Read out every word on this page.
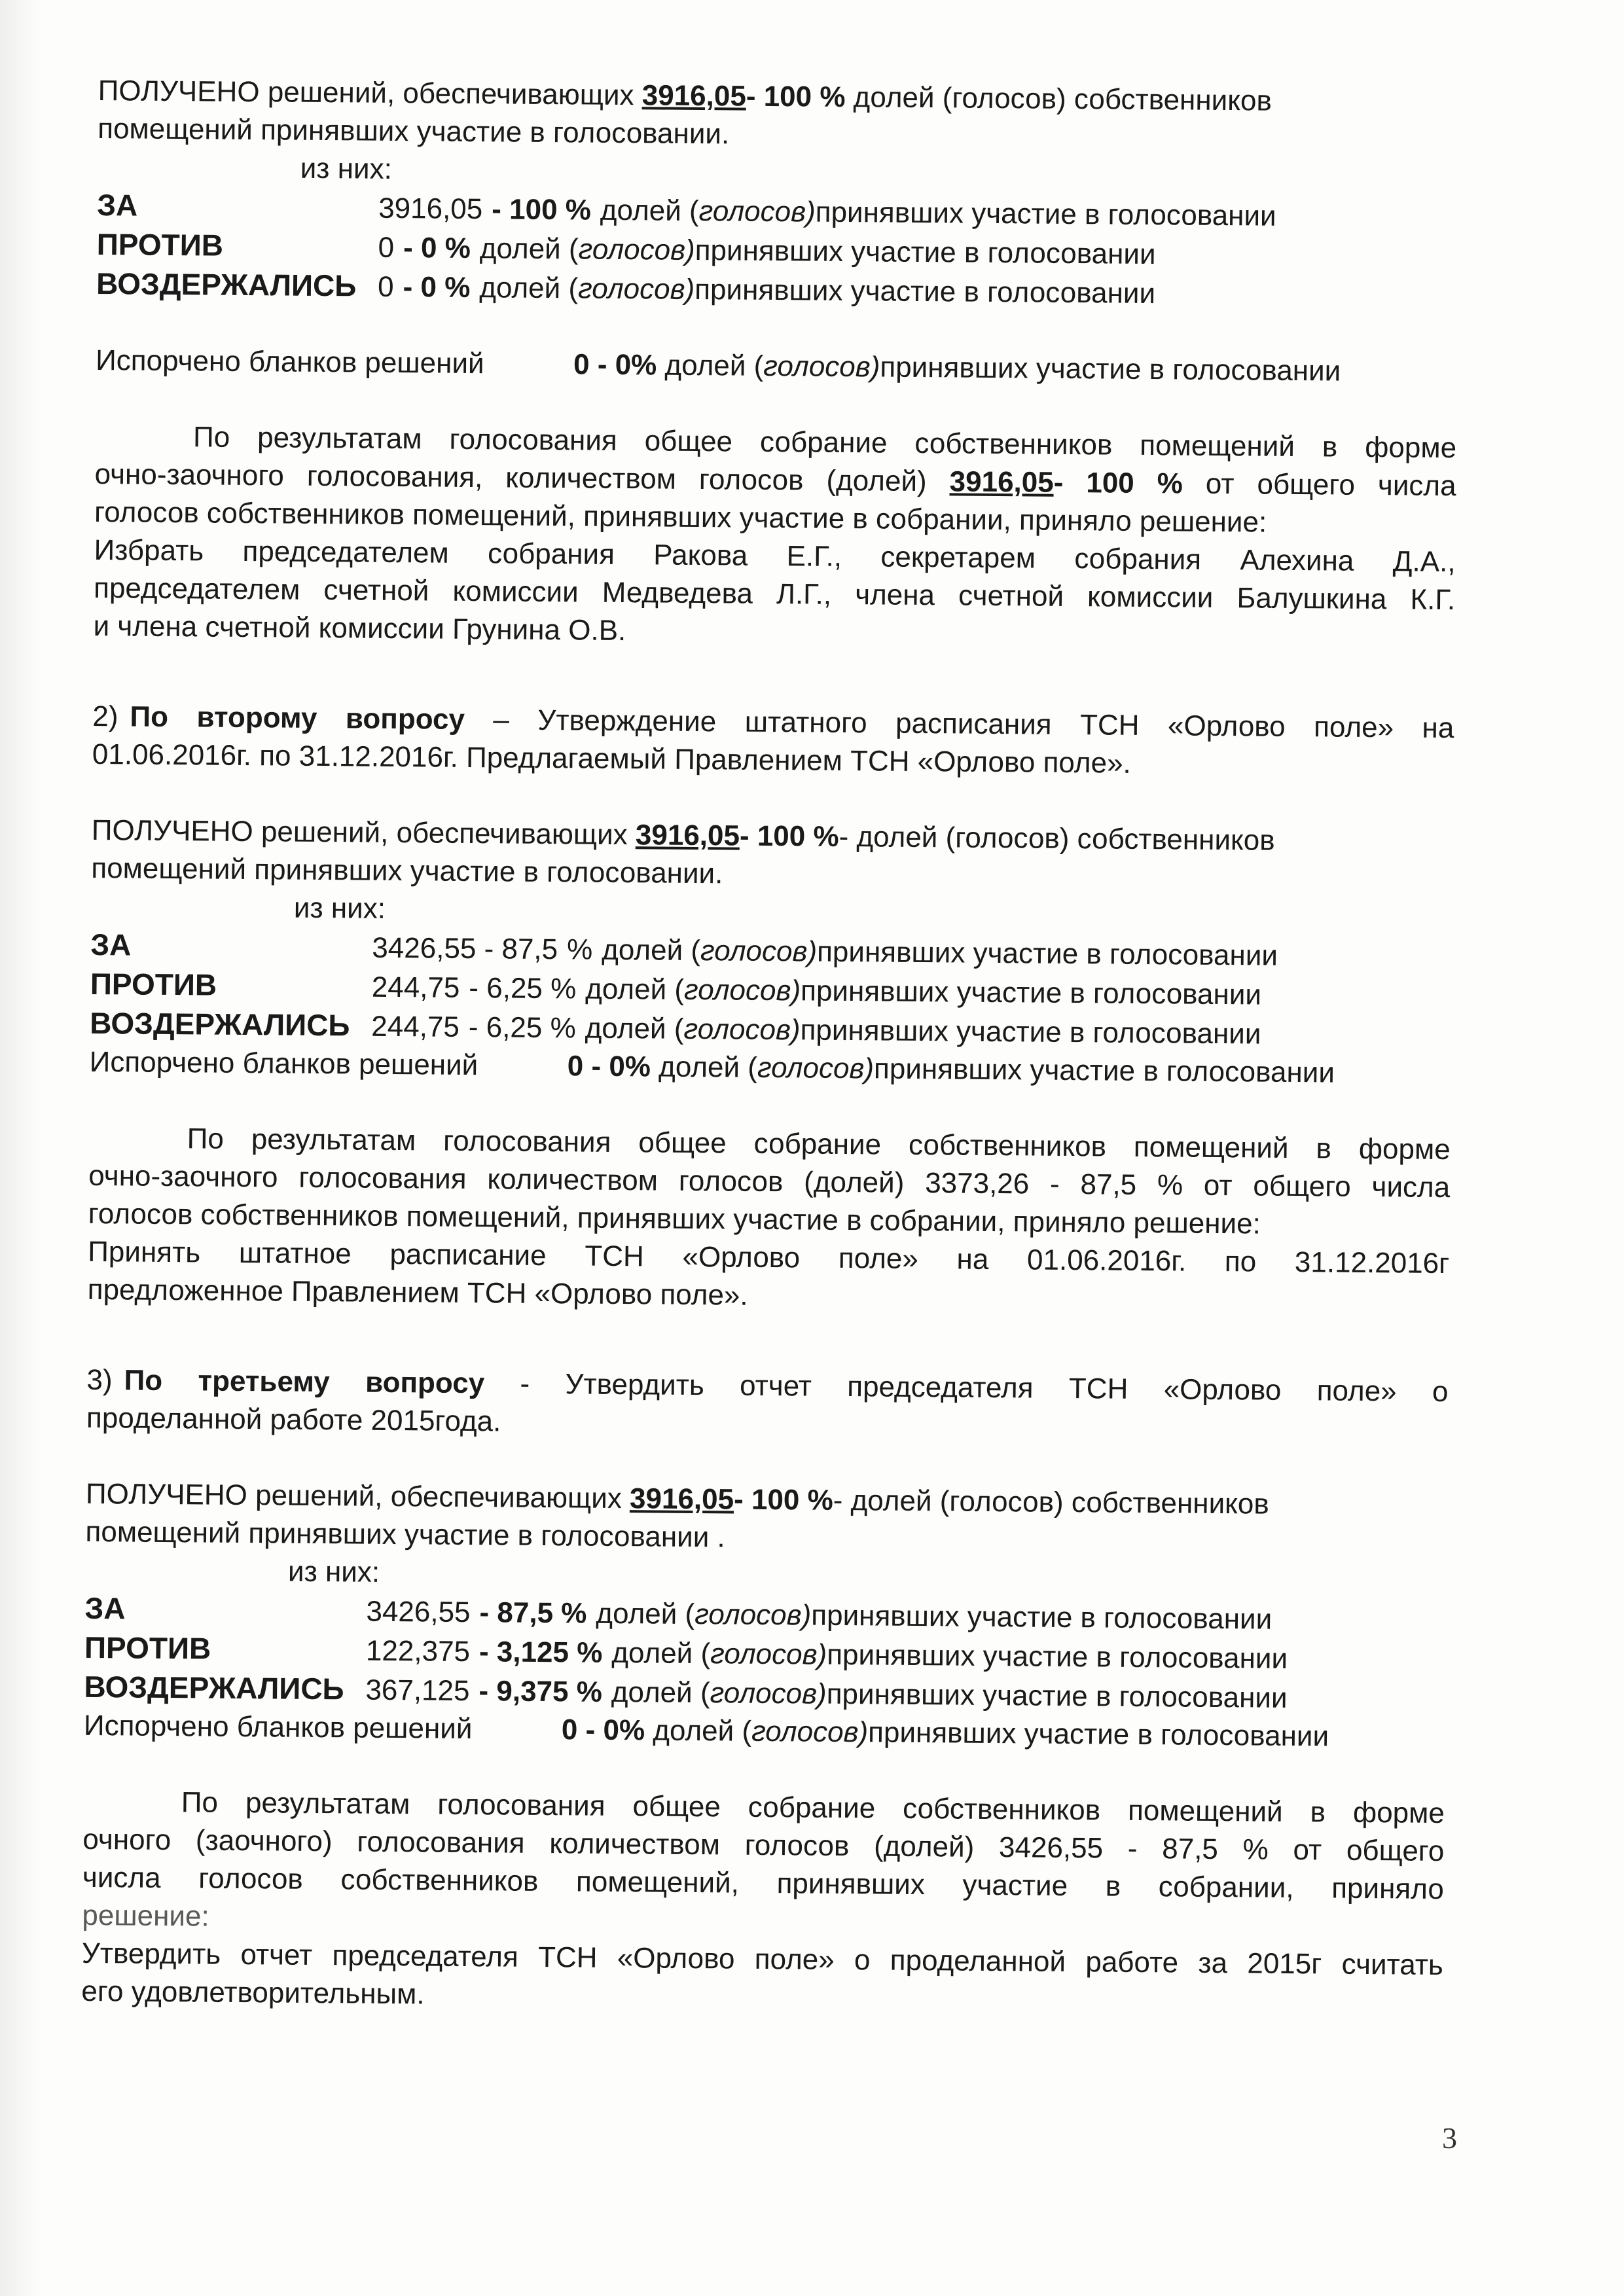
ПОЛУЧЕНО решений, обеспечивающих 3916,05- 100 % долей (голосов) собственников

помещений принявших участие в голосовании.

из них:

ЗА	3916,05 - 100 % долей ( голосов) принявших участие в голосовании
ПРОТИВ	0 - 0 % долей ( голосов) принявших участие в голосовании
ВОЗДЕРЖАЛИСЬ 0 - 0 % долей ( голосов) принявших участие в голосовании
Испорчено бланков решений	0 - 0%
долей ( голосов) принявших участие в голосовании

По результатам голосования общее собрание собственников помещений в форме

очно-заочного голосования, количеством голосов (долей) 3916,05- 100 % от общего числа

голосов собственников помещений, принявших участие в собрании, приняло решение:

Избрать председателем собрания Ракова Е.Г., секретарем собрания Алехина Д.А.,

председателем счетной комиссии Медведева Л.Г., члена счетной комиссии Балушкина К.Г.

и члена счетной комиссии Грунина О.В.

2) По второму вопросу – Утверждение штатного расписания ТСН «Орлово поле» на

01.06.2016г. по 31.12.2016г. Предлагаемый Правлением ТСН «Орлово поле».

ПОЛУЧЕНО решений, обеспечивающих 3916,05- 100 %- долей (голосов) собственников

помещений принявших участие в голосовании.

из них:

ЗА	3426,55 - 87,5 % долей ( голосов) принявших участие в голосовании
ПРОТИВ	244,75 - 6,25 % долей ( голосов) принявших участие в голосовании
ВОЗДЕРЖАЛИСЬ 244,75 - 6,25 % долей ( голосов) принявших участие в голосовании
Испорчено бланков решений	0 - 0%
долей ( голосов) принявших участие в голосовании

По результатам голосования общее собрание собственников помещений в форме

очно-заочного голосования количеством голосов (долей) 3373,26 - 87,5 % от общего числа

голосов собственников помещений, принявших участие в собрании, приняло решение:

Принять штатное расписание ТСН «Орлово поле» на 01.06.2016г. по 31.12.2016г

предложенное Правлением ТСН «Орлово поле».

3) По третьему вопросу - Утвердить отчет председателя ТСН «Орлово поле» о

проделанной работе 2015года.

ПОЛУЧЕНО решений, обеспечивающих 3916,05- 100 %- долей (голосов) собственников

помещений принявших участие в голосовании .

из них:

ЗА	3426,55 - 87,5 % долей ( голосов) принявших участие в голосовании
ПРОТИВ	122,375 - 3,125 % долей ( голосов) принявших участие в голосовании
ВОЗДЕРЖАЛИСЬ 367,125 - 9,375 % долей ( голосов) принявших участие в голосовании
Испорчено бланков решений	0 - 0%
долей ( голосов) принявших участие в голосовании

По результатам голосования общее собрание собственников помещений в форме

очного (заочного) голосования количеством голосов (долей) 3426,55 - 87,5 % от общего

числа голосов собственников помещений, принявших участие в собрании, приняло

решение:

Утвердить отчет председателя ТСН «Орлово поле» о проделанной работе за 2015г считать

его удовлетворительным.

3
